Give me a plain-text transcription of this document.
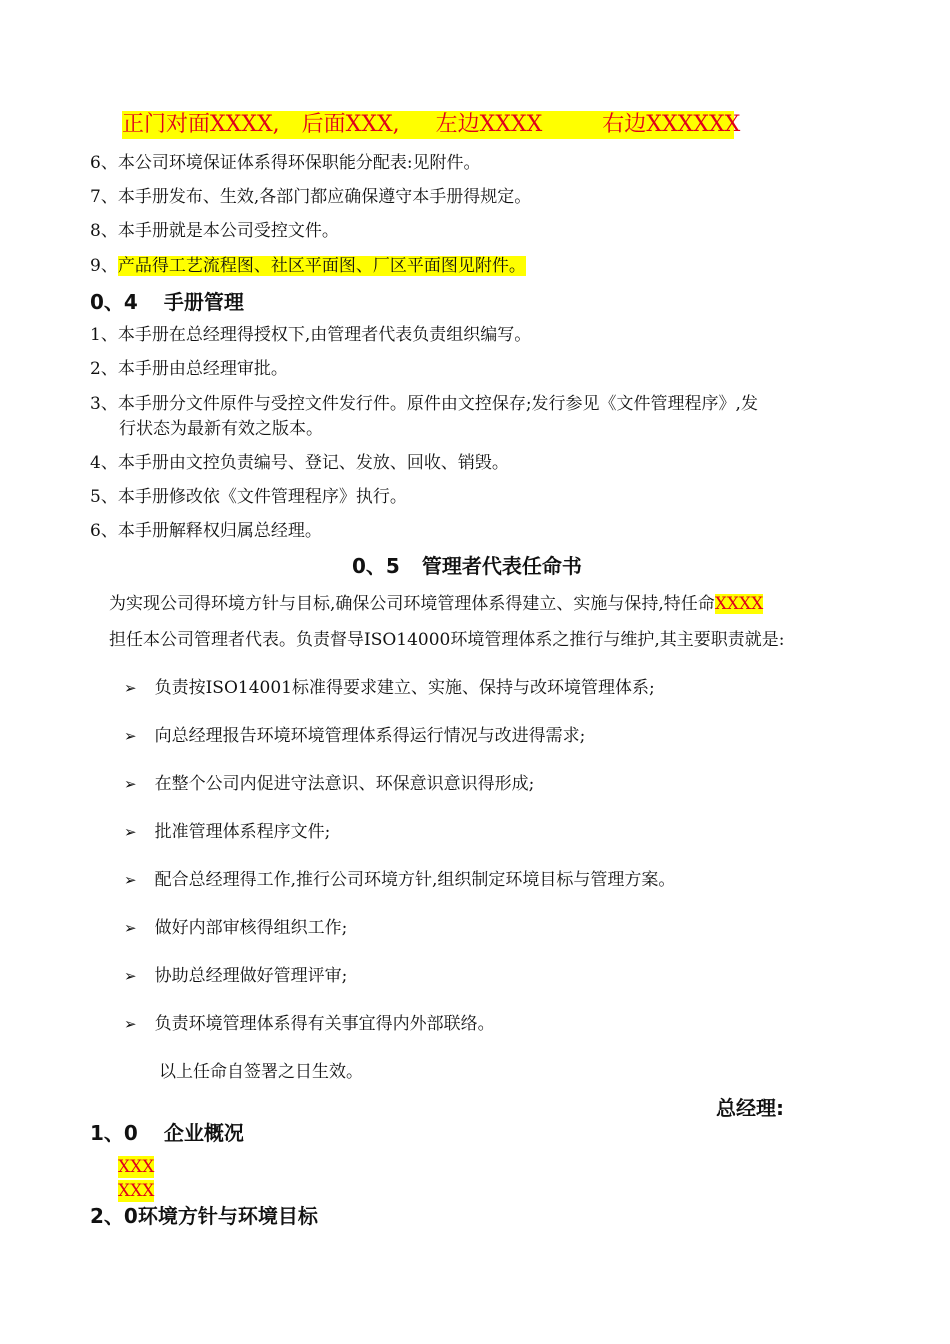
正门对面XXXX, 后面XXX, 左边XXXX	右边XXXXXX
6、本公司环境保证体系得环保职能分配表:见附件。
7、本手册发布、生效,各部门都应确保遵守本手册得规定。
8、本手册就是本公司受控文件。
9、产品得工艺流程图、社区平面图、厂区平面图见附件。
0、4 手册管理
1、本手册在总经理得授权下,由管理者代表负责组织编写。
2、本手册由总经理审批。
3、本手册分文件原件与受控文件发行件。原件由文控保存;发行参见《文件管理程序》,发
行状态为最新有效之版本。
4、本手册由文控负责编号、登记、发放、回收、销毁。
5、本手册修改依《文件管理程序》执行。
6、本手册解释权归属总经理。
0、5 管理者代表任命书
为实现公司得环境方针与目标,确保公司环境管理体系得建立、实施与保持,特任命XXXX
担任本公司管理者代表。负责督导ISO14000环境管理体系之推行与维护,其主要职责就是:
➢ 负责按ISO14001标准得要求建立、实施、保持与改环境管理体系;
➢ 向总经理报告环境环境管理体系得运行情况与改进得需求;
➢ 在整个公司内促进守法意识、环保意识意识得形成;
➢ 批准管理体系程序文件;
➢ 配合总经理得工作,推行公司环境方针,组织制定环境目标与管理方案。
➢ 做好内部审核得组织工作;
➢ 协助总经理做好管理评审;
➢ 负责环境管理体系得有关事宜得内外部联络。
以上任命自签署之日生效。
总经理:
1、0 企业概况
XXX
XXX
2、0环境方针与环境目标
